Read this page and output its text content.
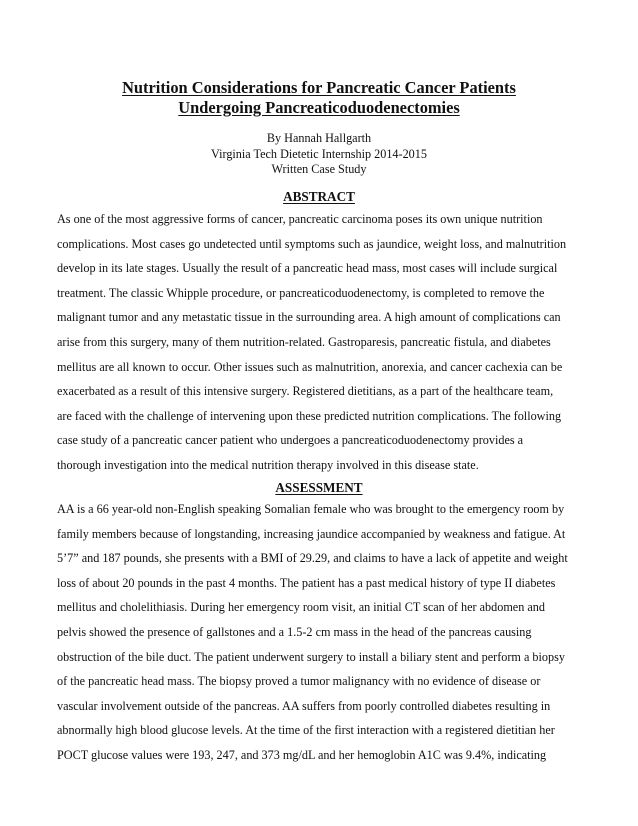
Nutrition Considerations for Pancreatic Cancer Patients
Undergoing Pancreaticoduodenectomies
By Hannah Hallgarth
Virginia Tech Dietetic Internship 2014-2015
Written Case Study
ABSTRACT

As one of the most aggressive forms of cancer, pancreatic carcinoma poses its own unique nutrition
complications. Most cases go undetected until symptoms such as jaundice, weight loss, and malnutrition
develop in its late stages. Usually the result of a pancreatic head mass, most cases will include surgical
treatment. The classic Whipple procedure, or pancreaticoduodenectomy, is completed to remove the
malignant tumor and any metastatic tissue in the surrounding area. A high amount of complications can
arise from this surgery, many of them nutrition-related. Gastroparesis, pancreatic fistula, and diabetes
mellitus are all known to occur. Other issues such as malnutrition, anorexia, and cancer cachexia can be
exacerbated as a result of this intensive surgery. Registered dietitians, as a part of the healthcare team,
are faced with the challenge of intervening upon these predicted nutrition complications. The following
case study of a pancreatic cancer patient who undergoes a pancreaticoduodenectomy provides a
thorough investigation into the medical nutrition therapy involved in this disease state.

ASSESSMENT

AA is a 66 year-old non-English speaking Somalian female who was brought to the emergency room by
family members because of longstanding, increasing jaundice accompanied by weakness and fatigue. At
5’7” and 187 pounds, she presents with a BMI of 29.29, and claims to have a lack of appetite and weight
loss of about 20 pounds in the past 4 months. The patient has a past medical history of type II diabetes
mellitus and cholelithiasis. During her emergency room visit, an initial CT scan of her abdomen and
pelvis showed the presence of gallstones and a 1.5-2 cm mass in the head of the pancreas causing
obstruction of the bile duct. The patient underwent surgery to install a biliary stent and perform a biopsy
of the pancreatic head mass. The biopsy proved a tumor malignancy with no evidence of disease or
vascular involvement outside of the pancreas. AA suffers from poorly controlled diabetes resulting in
abnormally high blood glucose levels. At the time of the first interaction with a registered dietitian her
POCT glucose values were 193, 247, and 373 mg/dL and her hemoglobin A1C was 9.4%, indicating
